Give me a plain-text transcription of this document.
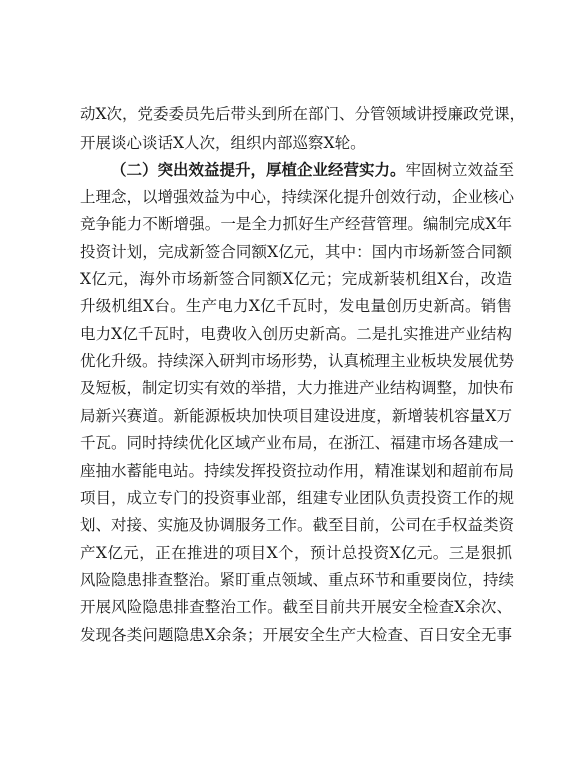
动X次，党委委员先后带头到所在部门、分管领域讲授廉政党课，
开展谈心谈话X人次，组织内部巡察X轮。
（二）突出效益提升，厚植企业经营实力。牢固树立效益至
上理念，以增强效益为中心，持续深化提升创效行动，企业核心
竞争能力不断增强。一是全力抓好生产经营管理。编制完成X年
投资计划，完成新签合同额X亿元，其中：国内市场新签合同额
X亿元，海外市场新签合同额X亿元；完成新装机组X台，改造
升级机组X台。生产电力X亿千瓦时，发电量创历史新高。销售
电力X亿千瓦时，电费收入创历史新高。二是扎实推进产业结构
优化升级。持续深入研判市场形势，认真梳理主业板块发展优势
及短板，制定切实有效的举措，大力推进产业结构调整，加快布
局新兴赛道。新能源板块加快项目建设进度，新增装机容量X万
千瓦。同时持续优化区域产业布局，在浙江、福建市场各建成一
座抽水蓄能电站。持续发挥投资拉动作用，精准谋划和超前布局
项目，成立专门的投资事业部，组建专业团队负责投资工作的规
划、对接、实施及协调服务工作。截至目前，公司在手权益类资
产X亿元，正在推进的项目X个，预计总投资X亿元。三是狠抓
风险隐患排查整治。紧盯重点领域、重点环节和重要岗位，持续
开展风险隐患排查整治工作。截至目前共开展安全检查X余次、
发现各类问题隐患X余条；开展安全生产大检查、百日安全无事
